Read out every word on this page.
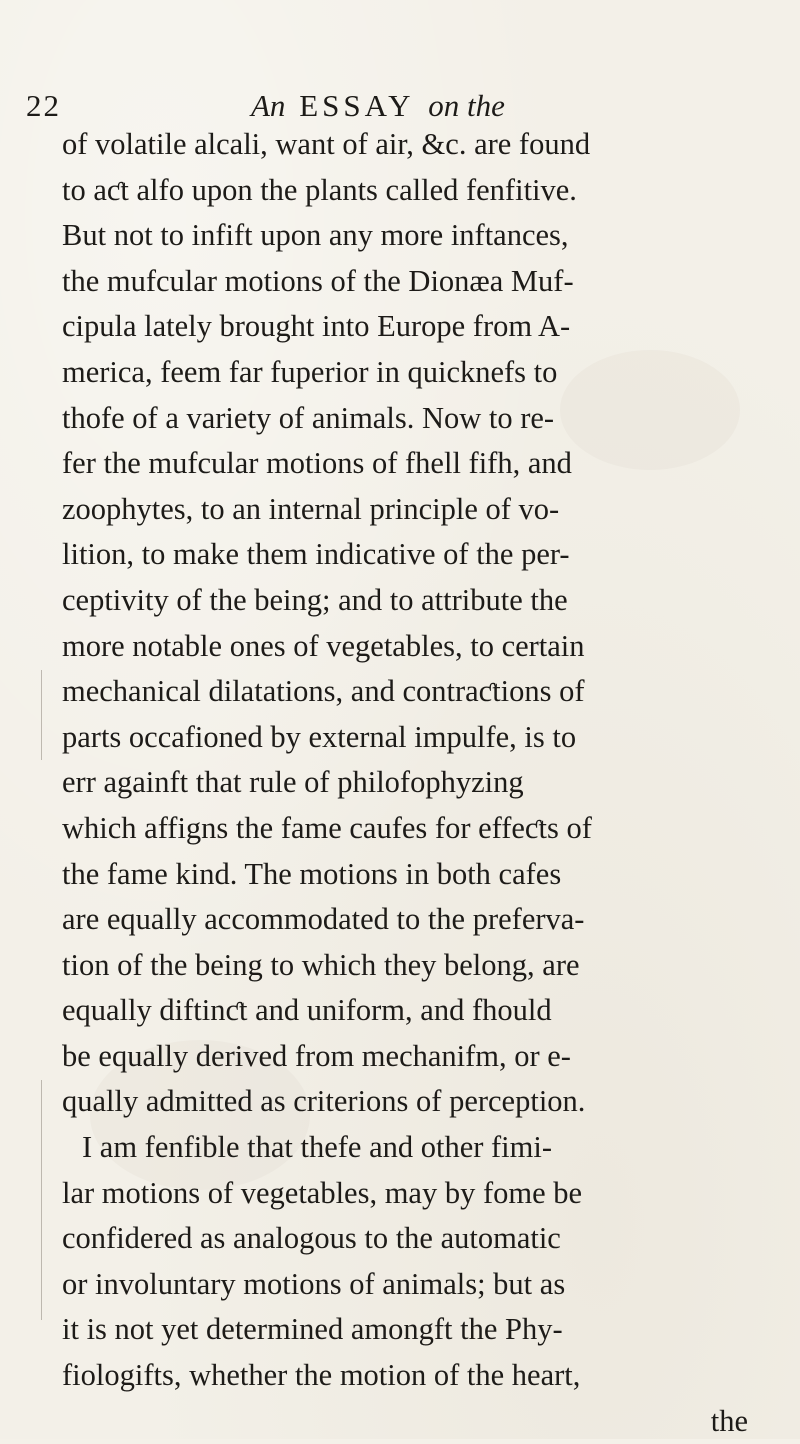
22	An ESSAY on the
of volatile alcali, want of air, &c. are found
to aƈt alfo upon the plants called fenfitive.
But not to infift upon any more inftances,
the mufcular motions of the Dionæa Muf-
cipula lately brought into Europe from A-
merica, feem far fuperior in quicknefs to
thofe of a variety of animals. Now to re-
fer the mufcular motions of fhell fifh, and
zoophytes, to an internal principle of vo-
lition, to make them indicative of the per-
ceptivity of the being; and to attribute the
more notable ones of vegetables, to certain
mechanical dilatations, and contraƈtions of
parts occafioned by external impulfe, is to
err againft that rule of philofophyzing
which affigns the fame caufes for effeƈts of
the fame kind. The motions in both cafes
are equally accommodated to the preferva-
tion of the being to which they belong, are
equally diftinƈt and uniform, and fhould
be equally derived from mechanifm, or e-
qually admitted as criterions of perception.
I am fenfible that thefe and other fimi-
lar motions of vegetables, may by fome be
confidered as analogous to the automatic
or involuntary motions of animals; but as
it is not yet determined amongft the Phy-
fiologifts, whether the motion of the heart,
the
